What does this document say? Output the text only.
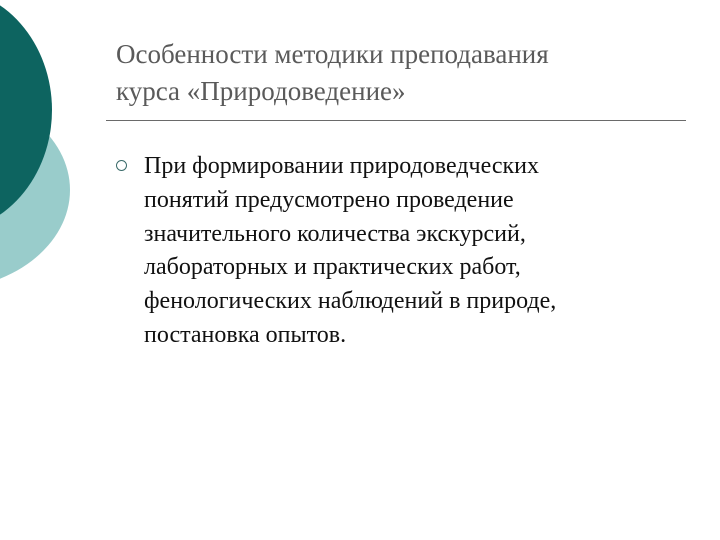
Особенности методики преподавания
курса «Природоведение»
При формировании природоведческих
понятий предусмотрено проведение
значительного количества экскурсий,
лабораторных и практических работ,
фенологических наблюдений в природе,
постановка опытов.
